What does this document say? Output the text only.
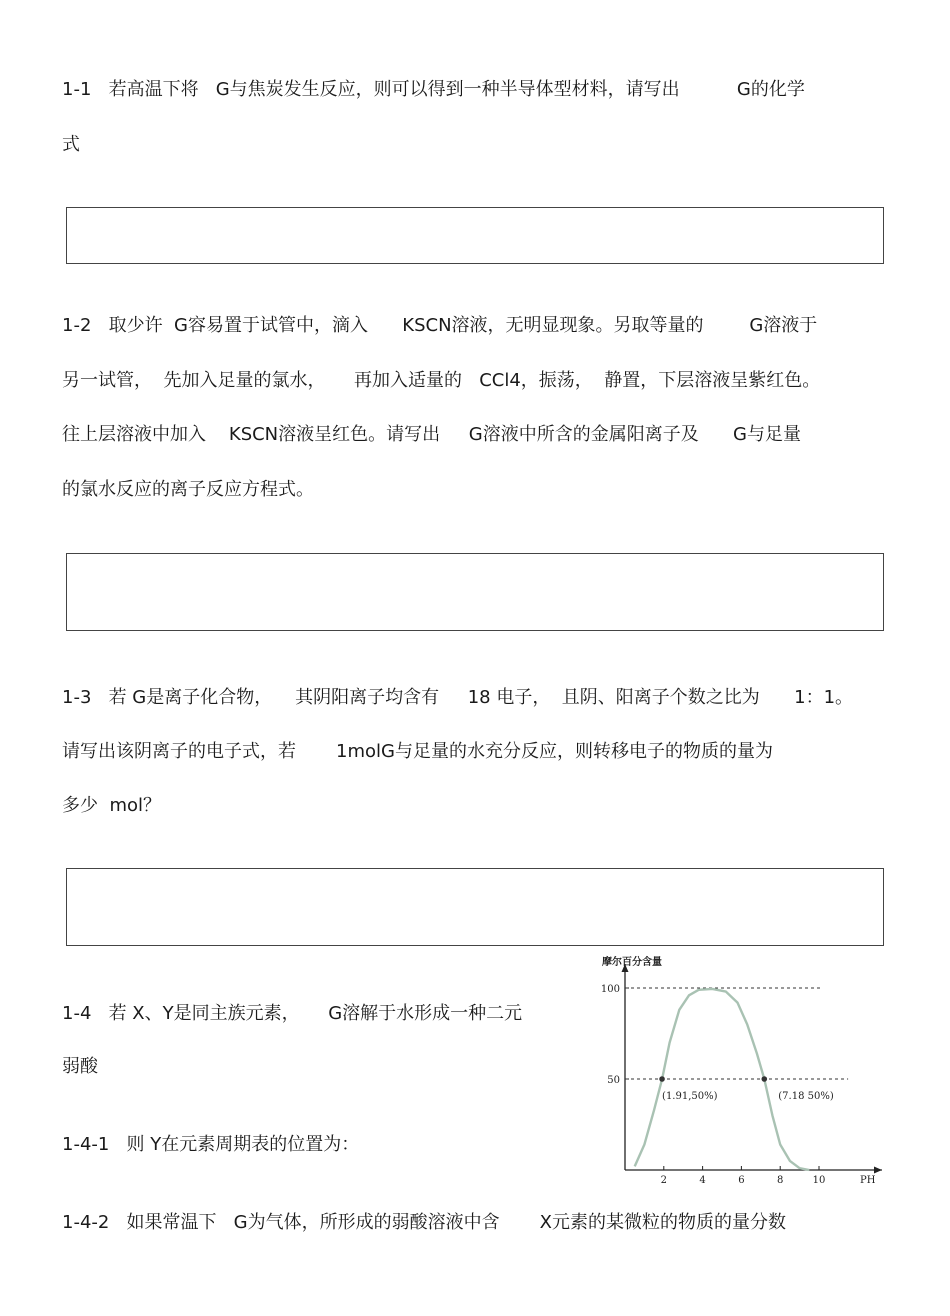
1-1   若高温下将   G与焦炭发生反应，则可以得到一种半导体型材料，请写出          G的化学
式
1-2   取少许  G容易置于试管中，滴入      KSCN溶液，无明显现象。另取等量的        G溶液于
另一试管，  先加入足量的氯水，     再加入适量的   CCl4，振荡，  静置，下层溶液呈紫红色。
往上层溶液中加入    KSCN溶液呈红色。请写出     G溶液中所含的金属阳离子及      G与足量
的氯水反应的离子反应方程式。
1-3   若 G是离子化合物，    其阴阳离子均含有     18 电子，  且阴、阳离子个数之比为      1：1。
请写出该阴离子的电子式，若       1molG与足量的水充分反应，则转移电子的物质的量为
多少  mol？
1-4   若 X、Y是同主族元素，     G溶解于水形成一种二元
弱酸
1-4-1   则 Y在元素周期表的位置为：
1-4-2   如果常温下   G为气体，所形成的弱酸溶液中含       X元素的某微粒的物质的量分数
摩尔百分含量
PH
2	4	6	8	10
50
100
(1.91,50%)	(7.18 50%)
